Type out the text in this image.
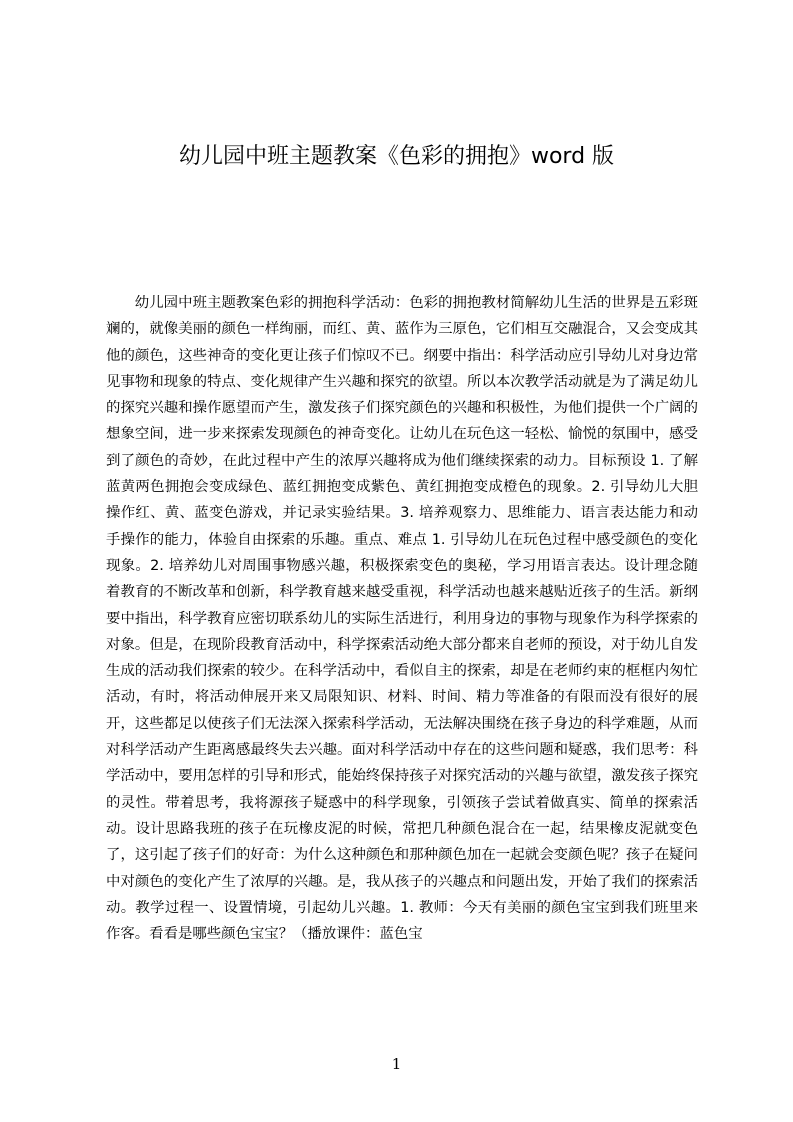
幼儿园中班主题教案《色彩的拥抱》word 版

幼儿园中班主题教案色彩的拥抱科学活动：色彩的拥抱教材简解幼儿生活的世界是五彩斑斓的，就像美丽的颜色一样绚丽，而红、黄、蓝作为三原色，它们相互交融混合，又会变成其他的颜色，这些神奇的变化更让孩子们惊叹不已。纲要中指出：科学活动应引导幼儿对身边常见事物和现象的特点、变化规律产生兴趣和探究的欲望。所以本次教学活动就是为了满足幼儿的探究兴趣和操作愿望而产生，激发孩子们探究颜色的兴趣和积极性，为他们提供一个广阔的想象空间，进一步来探索发现颜色的神奇变化。让幼儿在玩色这一轻松、愉悦的氛围中，感受到了颜色的奇妙，在此过程中产生的浓厚兴趣将成为他们继续探索的动力。目标预设 1. 了解蓝黄两色拥抱会变成绿色、蓝红拥抱变成紫色、黄红拥抱变成橙色的现象。2. 引导幼儿大胆操作红、黄、蓝变色游戏，并记录实验结果。3. 培养观察力、思维能力、语言表达能力和动手操作的能力，体验自由探索的乐趣。重点、难点 1. 引导幼儿在玩色过程中感受颜色的变化现象。2. 培养幼儿对周围事物感兴趣，积极探索变色的奥秘，学习用语言表达。设计理念随着教育的不断改革和创新，科学教育越来越受重视，科学活动也越来越贴近孩子的生活。新纲要中指出，科学教育应密切联系幼儿的实际生活进行，利用身边的事物与现象作为科学探索的对象。但是，在现阶段教育活动中，科学探索活动绝大部分都来自老师的预设，对于幼儿自发生成的活动我们探索的较少。在科学活动中，看似自主的探索，却是在老师约束的框框内匆忙活动，有时，将活动伸展开来又局限知识、材料、时间、精力等准备的有限而没有很好的展开，这些都足以使孩子们无法深入探索科学活动，无法解决围绕在孩子身边的科学难题，从而对科学活动产生距离感最终失去兴趣。面对科学活动中存在的这些问题和疑惑，我们思考：科学活动中，要用怎样的引导和形式，能始终保持孩子对探究活动的兴趣与欲望，激发孩子探究的灵性。带着思考，我将源孩子疑惑中的科学现象，引领孩子尝试着做真实、简单的探索活动。设计思路我班的孩子在玩橡皮泥的时候，常把几种颜色混合在一起，结果橡皮泥就变色了，这引起了孩子们的好奇：为什么这种颜色和那种颜色加在一起就会变颜色呢？孩子在疑问中对颜色的变化产生了浓厚的兴趣。是，我从孩子的兴趣点和问题出发，开始了我们的探索活动。教学过程一、设置情境，引起幼儿兴趣。1. 教师：今天有美丽的颜色宝宝到我们班里来作客。看看是哪些颜色宝宝？（播放课件：蓝色宝

1
